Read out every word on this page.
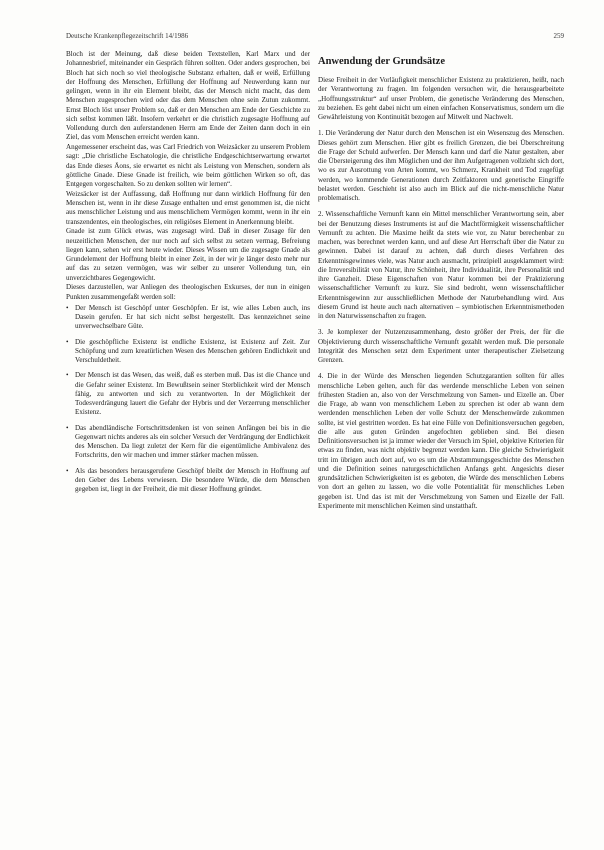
Deutsche Krankenpflegezeitschrift 14/1986	259

Bloch ist der Meinung, daß diese beiden Textstellen, Karl Marx und der Johannesbrief, miteinander ein Gespräch führen sollten. Oder anders gesprochen, bei Bloch hat sich noch so viel theologische Substanz erhalten, daß er weiß, Erfüllung der Hoffnung des Menschen, Erfüllung der Hoffnung auf Neuwerdung kann nur gelingen, wenn in ihr ein Element bleibt, das der Mensch nicht macht, das dem Menschen zugesprochen wird oder das dem Menschen ohne sein Zutun zukommt. Ernst Bloch löst unser Problem so, daß er den Menschen am Ende der Geschichte zu sich selbst kommen läßt. Insofern verkehrt er die christlich zugesagte Hoffnung auf Vollendung durch den auferstandenen Herrn am Ende der Zeiten dann doch in ein Ziel, das vom Menschen erreicht werden kann.

Angemessener erscheint das, was Carl Friedrich von Weizsäcker zu unserem Problem sagt: „Die christliche Eschatologie, die christliche Endgeschichtserwartung erwartet das Ende dieses Äons, sie erwartet es nicht als Leistung von Menschen, sondern als göttliche Gnade. Diese Gnade ist freilich, wie beim göttlichen Wirken so oft, das Entgegen vorgeschalten. So zu denken sollten wir lernen“.

Weizsäcker ist der Auffassung, daß Hoffnung nur dann wirklich Hoffnung für den Menschen ist, wenn in ihr diese Zusage enthalten und ernst genommen ist, die nicht aus menschlicher Leistung und aus menschlichem Vermögen kommt, wenn in ihr ein transzendentes, ein theologisches, ein religiöses Element in Anerkennung bleibt.

Gnade ist zum Glück etwas, was zugesagt wird. Daß in dieser Zusage für den neuzeitlichen Menschen, der nur noch auf sich selbst zu setzen vermag, Befreiung liegen kann, sehen wir erst heute wieder. Dieses Wissen um die zugesagte Gnade als Grundelement der Hoffnung bleibt in einer Zeit, in der wir je länger desto mehr nur auf das zu setzen vermögen, was wir selber zu unserer Vollendung tun, ein unverzichtbares Gegengewicht.

Dieses darzustellen, war Anliegen des theologischen Exkurses, der nun in einigen Punkten zusammengefaßt werden soll:

• Der Mensch ist Geschöpf unter Geschöpfen. Er ist, wie alles Leben auch, ins Dasein gerufen. Er hat sich nicht selbst hergestellt. Das kennzeichnet seine unverwechselbare Güte.
• Die geschöpfliche Existenz ist endliche Existenz, ist Existenz auf Zeit. Zur Schöpfung und zum kreatürlichen Wesen des Menschen gehören Endlichkeit und Verschuldetheit.
• Der Mensch ist das Wesen, das weiß, daß es sterben muß. Das ist die Chance und die Gefahr seiner Existenz. Im Bewußtsein seiner Sterblichkeit wird der Mensch fähig, zu antworten und sich zu verantworten. In der Möglichkeit der Todesverdrängung lauert die Gefahr der Hybris und der Verzerrung menschlicher Existenz.
• Das abendländische Fortschrittsdenken ist von seinen Anfängen bei bis in die Gegenwart nichts anderes als ein solcher Versuch der Verdrängung der Endlichkeit des Menschen. Da liegt zuletzt der Kern für die eigentümliche Ambivalenz des Fortschritts, den wir machen und immer stärker machen müssen.
• Als das besonders herausgerufene Geschöpf bleibt der Mensch in Hoffnung auf den Geber des Lebens verwiesen. Die besondere Würde, die dem Menschen gegeben ist, liegt in der Freiheit, die mit dieser Hoffnung gründet.
Anwendung der Grundsätze

Diese Freiheit in der Vorläufigkeit menschlicher Existenz zu praktizieren, heißt, nach der Verantwortung zu fragen. Im folgenden versuchen wir, die herausgearbeitete „Hoffnungsstruktur“ auf unser Problem, die genetische Veränderung des Menschen, zu beziehen. Es geht dabei nicht um einen einfachen Konservatismus, sondern um die Gewährleistung von Kontinuität bezogen auf Mitwelt und Nachwelt.

1. Die Veränderung der Natur durch den Menschen ist ein Wesenszug des Menschen. Dieses gehört zum Menschen. Hier gibt es freilich Grenzen, die bei Überschreitung die Frage der Schuld aufwerfen. Der Mensch kann und darf die Natur gestalten, aber die Übersteigerung des ihm Möglichen und der ihm Aufgetragenen vollzieht sich dort, wo es zur Ausrottung von Arten kommt, wo Schmerz, Krankheit und Tod zugefügt werden, wo kommende Generationen durch Zeitfaktoren und genetische Eingriffe belastet werden. Geschieht ist also auch im Blick auf die nicht-menschliche Natur problematisch.

2. Wissenschaftliche Vernunft kann ein Mittel menschlicher Verantwortung sein, aber bei der Benutzung dieses Instruments ist auf die Machtförmigkeit wissenschaftlicher Vernunft zu achten. Die Maxime heißt da stets wie vor, zu Natur berechenbar zu machen, was berechnet werden kann, und auf diese Art Herrschaft über die Natur zu gewinnen. Dabei ist darauf zu achten, daß durch dieses Verfahren des Erkenntnisgewinnes viele, was Natur auch ausmacht, prinzipiell ausgeklammert wird: die Irreversibilität von Natur, ihre Schönheit, ihre Individualität, ihre Personalität und ihre Ganzheit. Diese Eigenschaften von Natur kommen bei der Praktizierung wissenschaftlicher Vernunft zu kurz. Sie sind bedroht, wenn wissenschaftlicher Erkenntnisgewinn zur ausschließlichen Methode der Naturbehandlung wird. Aus diesem Grund ist heute auch nach alternativen – symbiotischen Erkenntnismethoden in den Naturwissenschaften zu fragen.

3. Je komplexer der Nutzenzusammenhang, desto größer der Preis, der für die Objektivierung durch wissenschaftliche Vernunft gezahlt werden muß. Die personale Integrität des Menschen setzt dem Experiment unter therapeutischer Zielsetzung Grenzen.

4. Die in der Würde des Menschen liegenden Schutzgarantien sollten für alles menschliche Leben gelten, auch für das werdende menschliche Leben von seinen frühesten Stadien an, also von der Verschmelzung von Samen- und Eizelle an. Über die Frage, ab wann von menschlichem Leben zu sprechen ist oder ab wann dem werdenden menschlichen Leben der volle Schutz der Menschenwürde zukommen sollte, ist viel gestritten worden. Es hat eine Fülle von Definitionsversuchen gegeben, die alle aus guten Gründen angefochten geblieben sind. Bei diesen Definitionsversuchen ist ja immer wieder der Versuch im Spiel, objektive Kriterien für etwas zu finden, was nicht objektiv begrenzt werden kann. Die gleiche Schwierigkeit tritt im übrigen auch dort auf, wo es um die Abstammungsgeschichte des Menschen und die Definition seines naturgeschichtlichen Anfangs geht. Angesichts dieser grundsätzlichen Schwierigkeiten ist es geboten, die Würde des menschlichen Lebens von dort an gelten zu lassen, wo die volle Potentialität für menschliches Leben gegeben ist. Und das ist mit der Verschmelzung von Samen und Eizelle der Fall. Experimente mit menschlichen Keimen sind unstatthaft.
